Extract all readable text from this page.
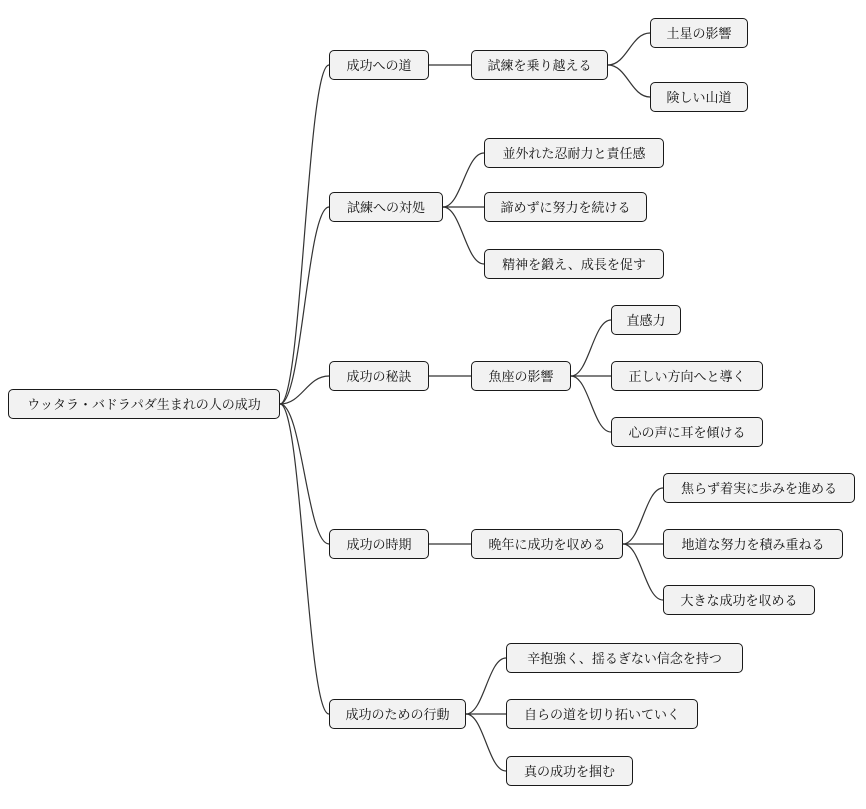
ウッタラ・バドラパダ生まれの人の成功
成功への道	試練を乗り越える
土星の影響
険しい山道
試練への対処
並外れた忍耐力と責任感
諦めずに努力を続ける
精神を鍛え、成長を促す
成功の秘訣	魚座の影響
直感力
正しい方向へと導く
心の声に耳を傾ける
成功の時期	晩年に成功を収める
焦らず着実に歩みを進める
地道な努力を積み重ねる
大きな成功を収める
成功のための行動
辛抱強く、揺るぎない信念を持つ
自らの道を切り拓いていく
真の成功を掴む
